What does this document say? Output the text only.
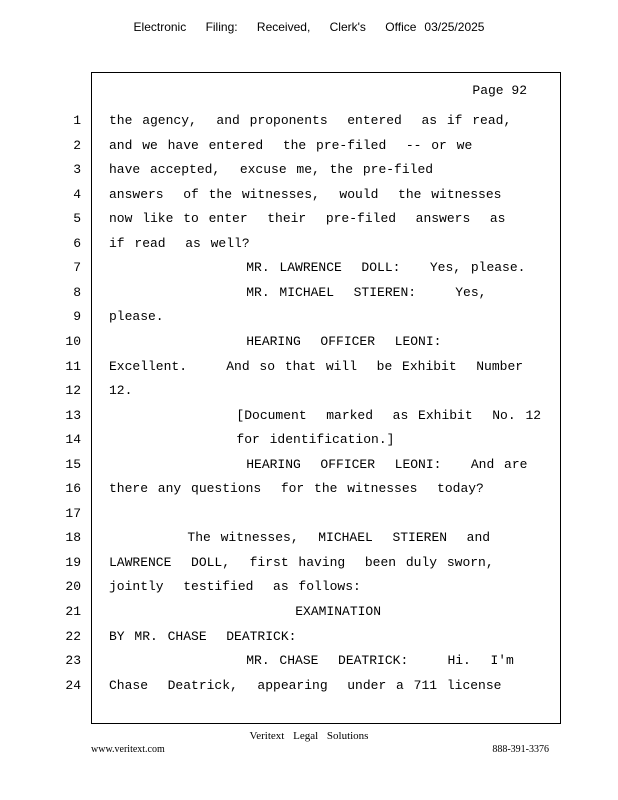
Electronic Filing: Received, Clerk's Office 03/25/2025
Page 92
1 the agency,  and proponents  entered  as if read,
2 and we have entered  the pre-filed  -- or we
3 have accepted,  excuse me, the pre-filed
4 answers  of the witnesses,  would  the witnesses
5 now like to enter  their  pre-filed  answers  as
6 if read  as well?
7 MR. LAWRENCE  DOLL:   Yes, please.
8 MR. MICHAEL  STIEREN:    Yes,
9 please.
10 HEARING  OFFICER  LEONI:
11 Excellent.    And so that will  be Exhibit  Number
12 12.
13 [Document  marked  as Exhibit  No. 12
14 for identification.]
15 HEARING  OFFICER  LEONI:   And are
16 there any questions  for the witnesses  today?
17
18 The witnesses,  MICHAEL  STIEREN  and
19 LAWRENCE  DOLL,  first having  been duly sworn,
20 jointly  testified  as follows:
21 EXAMINATION
22 BY MR. CHASE  DEATRICK:
23 MR. CHASE  DEATRICK:    Hi.  I'm
24 Chase  Deatrick,  appearing  under a 711 license
Veritext Legal Solutions
www.veritext.com	888-391-3376
